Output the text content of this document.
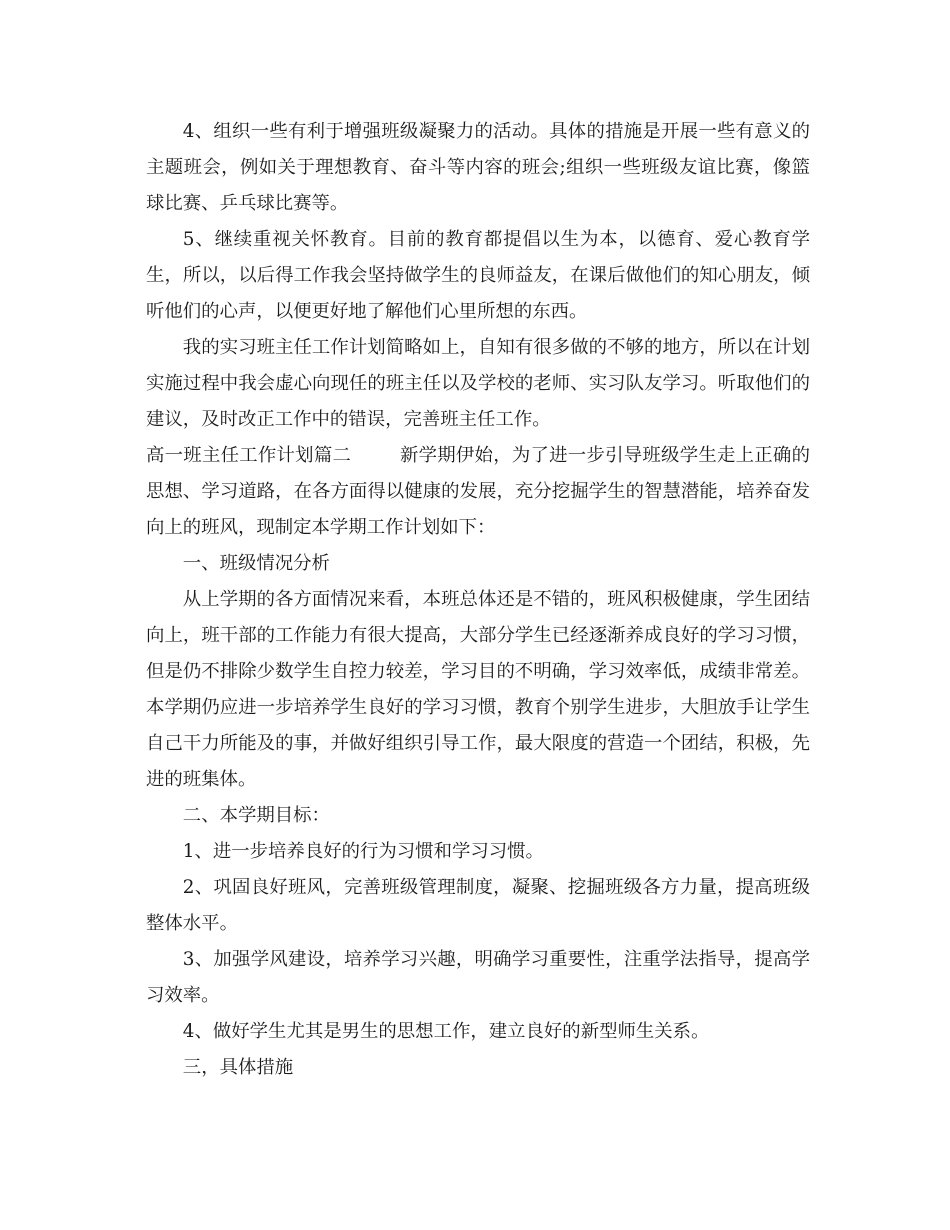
4、组织一些有利于增强班级凝聚力的活动。具体的措施是开展一些有意义的主题班会，例如关于理想教育、奋斗等内容的班会;组织一些班级友谊比赛，像篮球比赛、乒乓球比赛等。

5、继续重视关怀教育。目前的教育都提倡以生为本，以德育、爱心教育学生，所以，以后得工作我会坚持做学生的良师益友，在课后做他们的知心朋友，倾听他们的心声，以便更好地了解他们心里所想的东西。

我的实习班主任工作计划简略如上，自知有很多做的不够的地方，所以在计划实施过程中我会虚心向现任的班主任以及学校的老师、实习队友学习。听取他们的建议，及时改正工作中的错误，完善班主任工作。

高一班主任工作计划篇二	新学期伊始，为了进一步引导班级学生走上正确的思想、学习道路，在各方面得以健康的发展，充分挖掘学生的智慧潜能，培养奋发向上的班风，现制定本学期工作计划如下：

一、班级情况分析

从上学期的各方面情况来看，本班总体还是不错的，班风积极健康，学生团结向上，班干部的工作能力有很大提高，大部分学生已经逐渐养成良好的学习习惯，但是仍不排除少数学生自控力较差，学习目的不明确，学习效率低，成绩非常差。本学期仍应进一步培养学生良好的学习习惯，教育个别学生进步，大胆放手让学生自己干力所能及的事，并做好组织引导工作，最大限度的营造一个团结，积极，先进的班集体。

二、本学期目标：

1、进一步培养良好的行为习惯和学习习惯。

2、巩固良好班风，完善班级管理制度，凝聚、挖掘班级各方力量，提高班级整体水平。

3、加强学风建设，培养学习兴趣，明确学习重要性，注重学法指导，提高学习效率。

4、做好学生尤其是男生的思想工作，建立良好的新型师生关系。

三，具体措施
